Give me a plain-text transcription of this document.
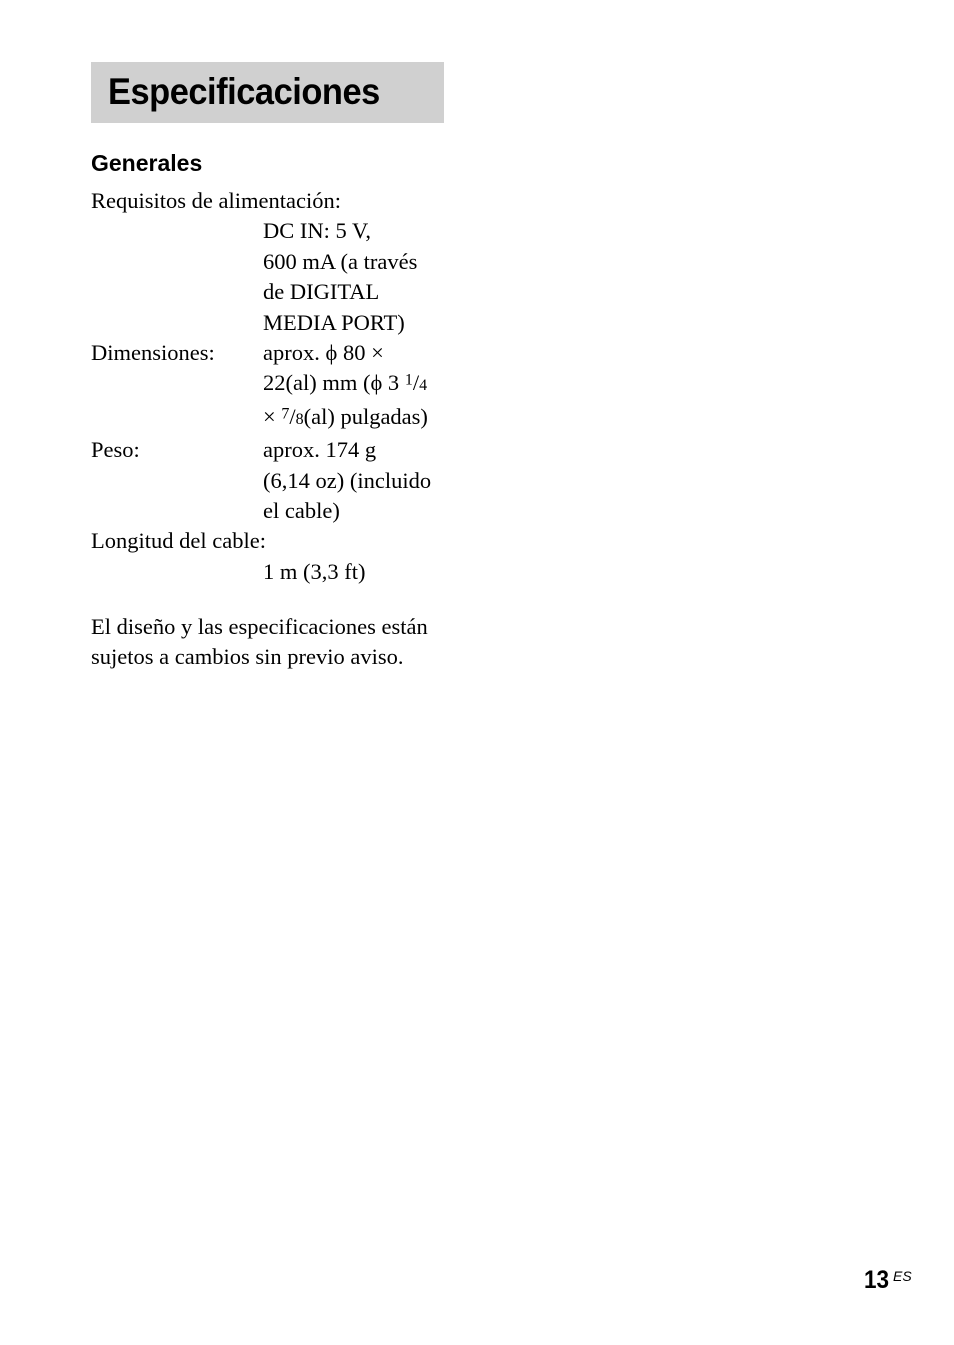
Especificaciones
Generales
Requisitos de alimentación:
DC IN: 5 V,
600 mA (a través
de DIGITAL
MEDIA PORT)
Dimensiones:	aprox. ϕ 80 ×
22(al) mm (ϕ 3 $^1$/4
× $^7$/8(al) pulgadas)
Peso:	aprox. 174 g
(6,14 oz) (incluido
el cable)
Longitud del cable:
1 m (3,3 ft)
El diseño y las especificaciones están
sujetos a cambios sin previo aviso.
13 ES
